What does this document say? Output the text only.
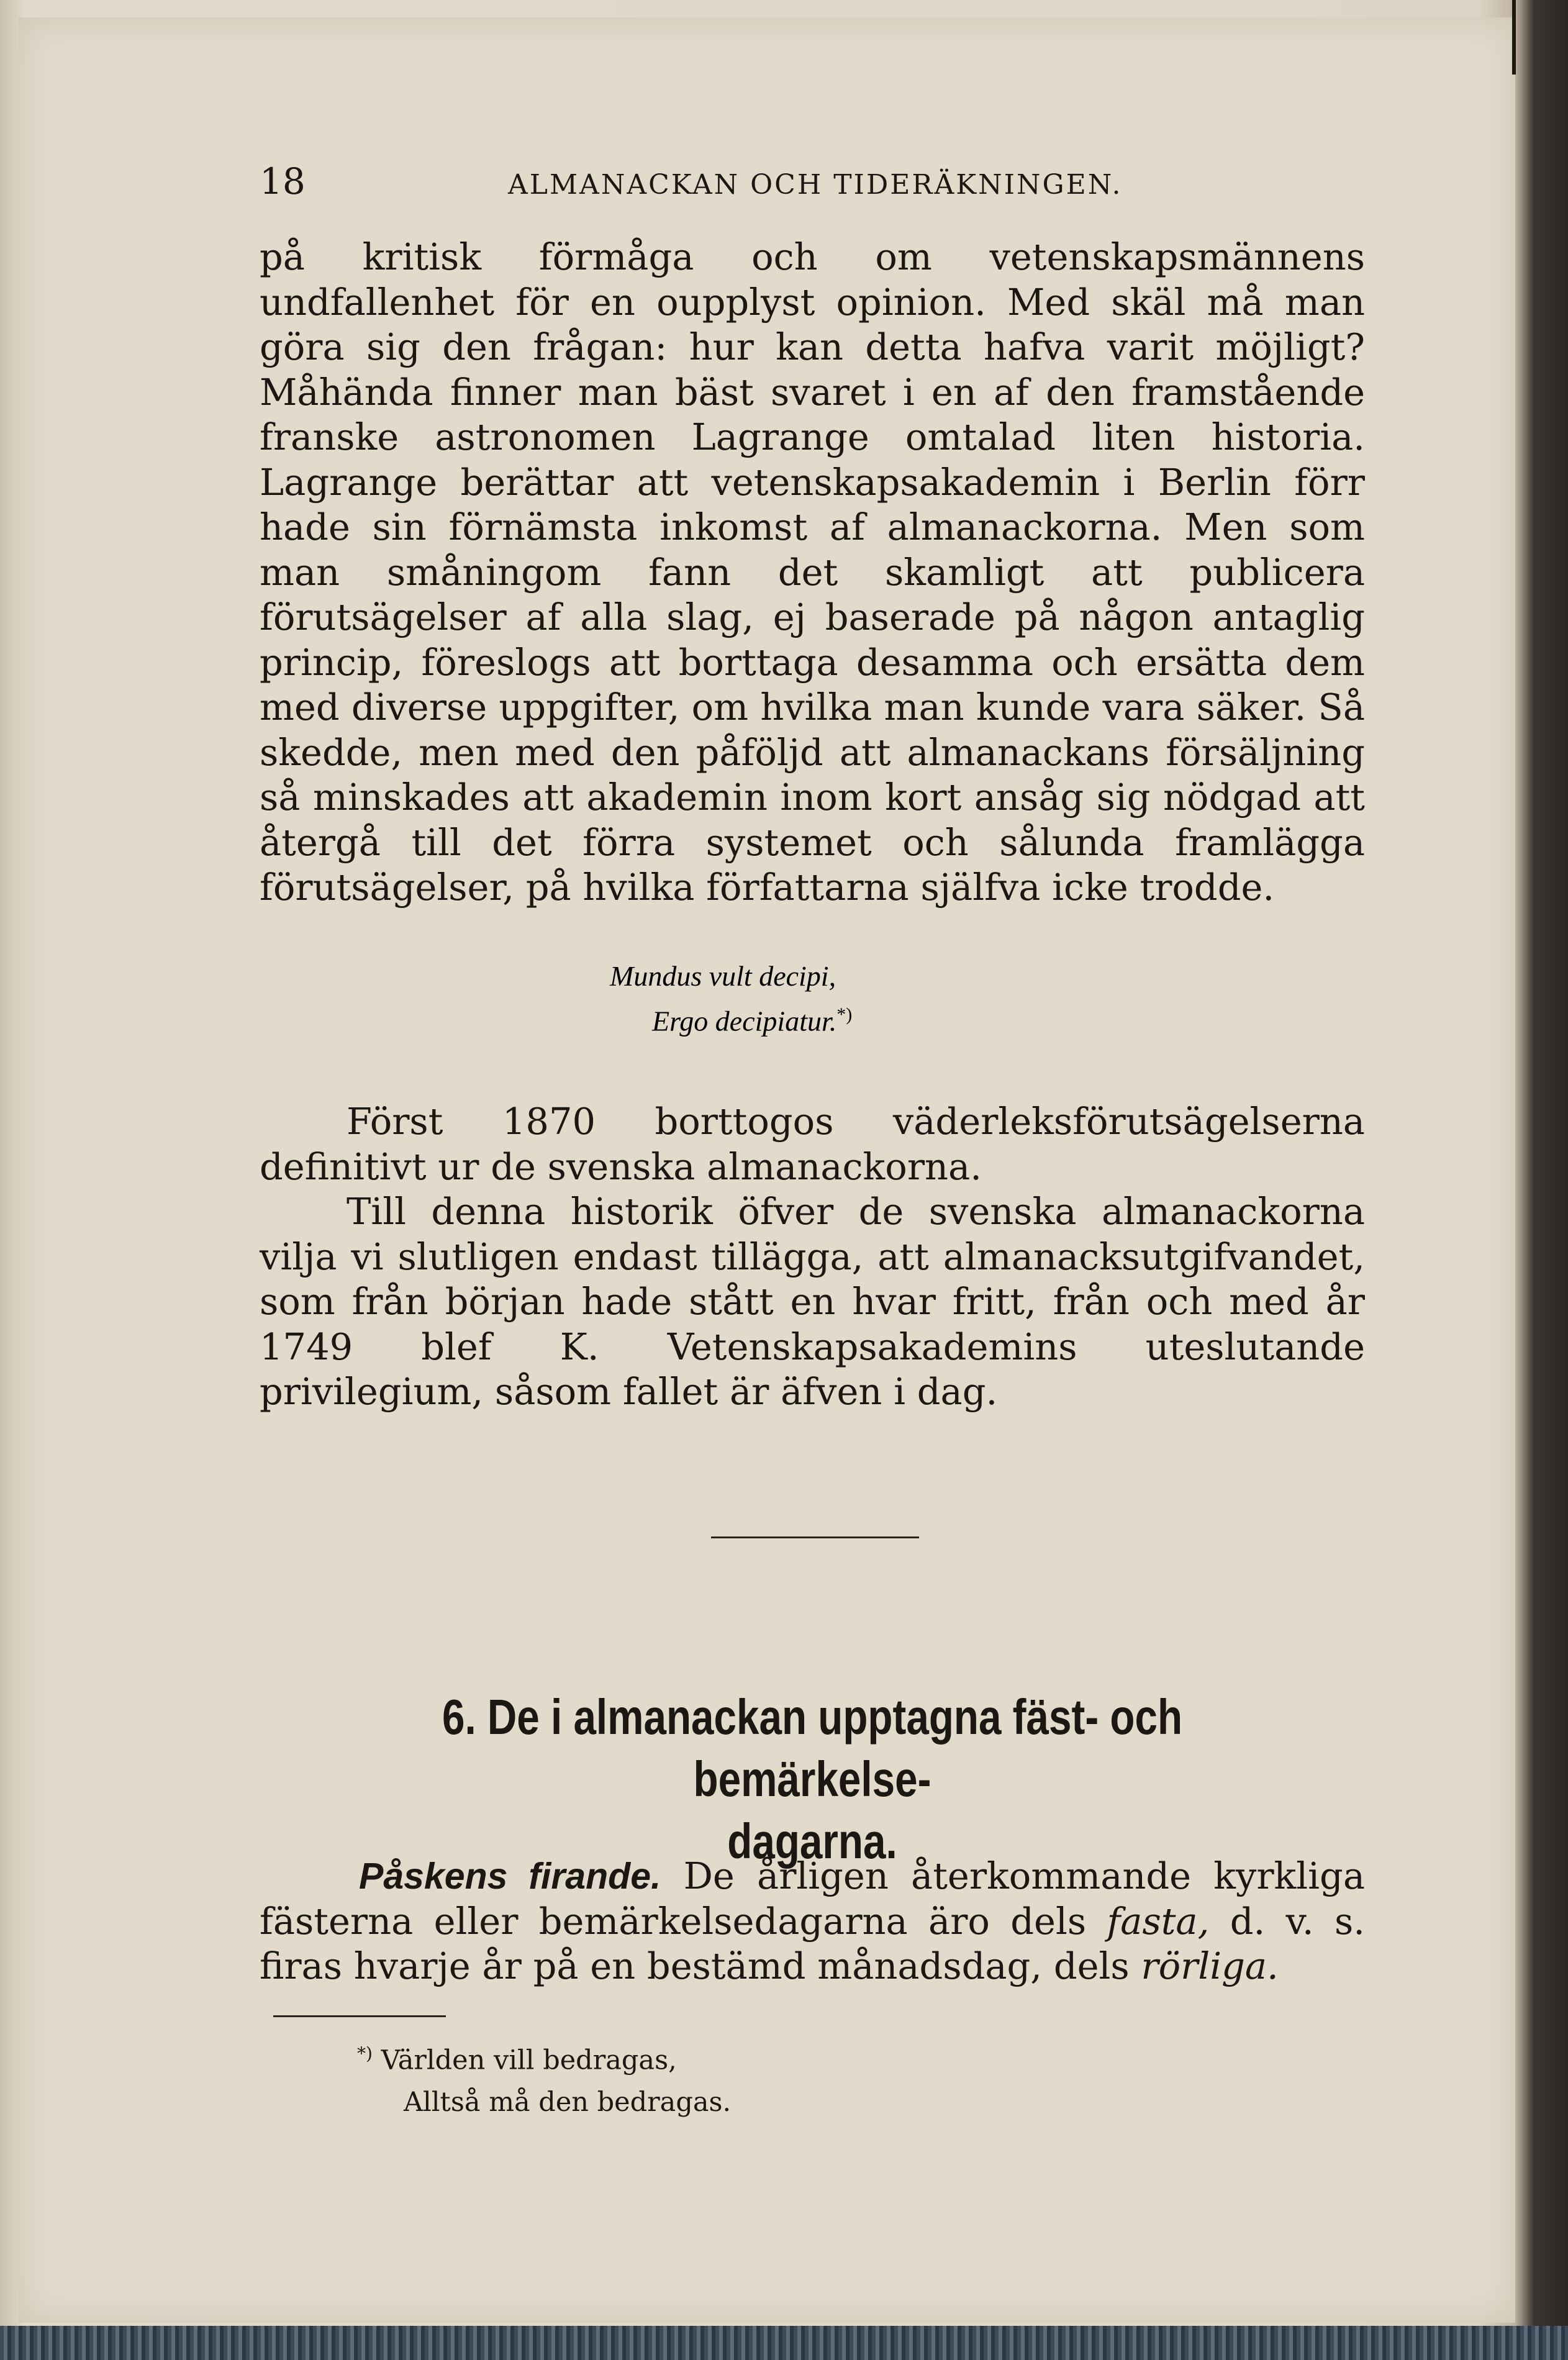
18	ALMANACKAN OCH TIDERÄKNINGEN.

på kritisk förmåga och om vetenskapsmännens undfallenhet för en oupplyst opinion. Med skäl må man göra sig den frågan: hur kan detta hafva varit möjligt? Måhända finner man bäst svaret i en af den framstående franske astronomen Lagrange omtalad liten historia. Lagrange berättar att vetenskapsakademin i Berlin förr hade sin förnämsta inkomst af almanackorna. Men som man småningom fann det skamligt att publicera förutsägelser af alla slag, ej baserade på någon antaglig princip, föreslogs att borttaga desamma och ersätta dem med diverse uppgifter, om hvilka man kunde vara säker. Så skedde, men med den påföljd att almanackans försäljning så minskades att akademin inom kort ansåg sig nödgad att återgå till det förra systemet och sålunda framlägga förutsägelser, på hvilka författarna själfva icke trodde.

Mundus vult decipi,
Ergo decipiatur.*)

Först 1870 borttogos väderleksförutsägelserna definitivt ur de svenska almanackorna.

Till denna historik öfver de svenska almanackorna vilja vi slutligen endast tillägga, att almanacksutgifvandet, som från början hade stått en hvar fritt, från och med år 1749 blef K. Vetenskapsakademins uteslutande privilegium, såsom fallet är äfven i dag.

6. De i almanackan upptagna fäst- och bemärkelse-
dagarna.

Påskens firande. De årligen återkommande kyrkliga fästerna eller bemärkelsedagarna äro dels fasta, d. v. s. firas hvarje år på en bestämd månadsdag, dels rörliga.

*) Världen vill bedragas,
Alltså må den bedragas.
